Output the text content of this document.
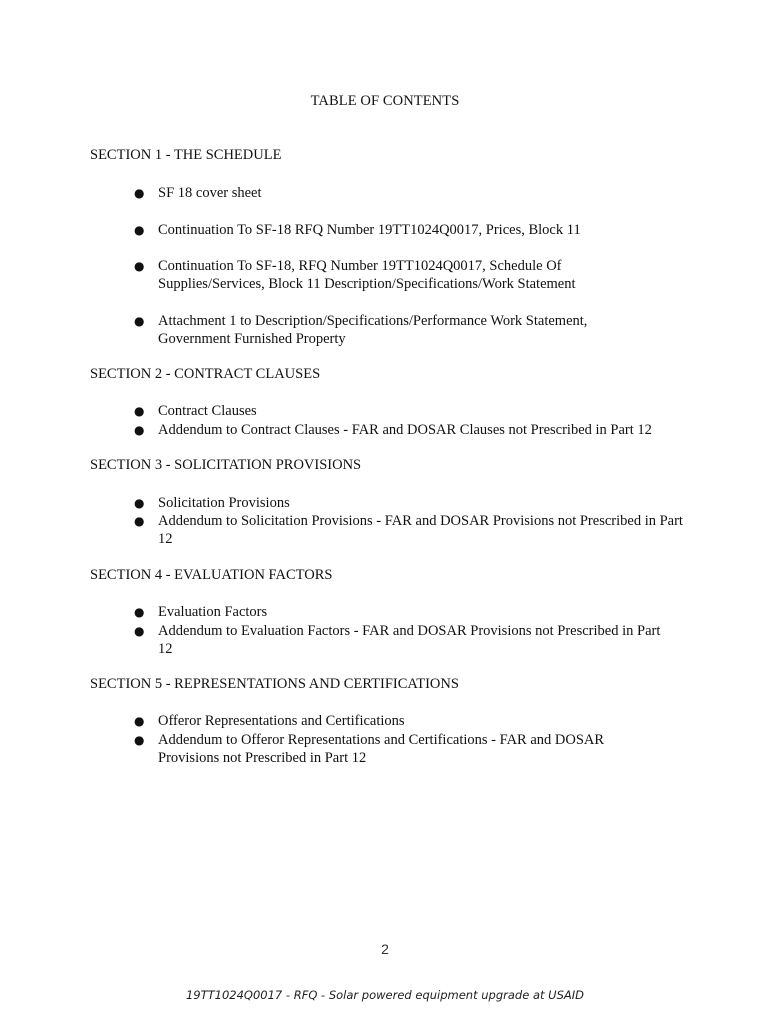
TABLE OF CONTENTS
SECTION 1 - THE SCHEDULE
● SF 18 cover sheet
● Continuation To SF-18 RFQ Number 19TT1024Q0017, Prices, Block 11
● Continuation To SF-18, RFQ Number 19TT1024Q0017, Schedule Of Supplies/Services, Block 11 Description/Specifications/Work Statement
● Attachment 1 to Description/Specifications/Performance Work Statement, Government Furnished Property
SECTION 2 - CONTRACT CLAUSES
● Contract Clauses
● Addendum to Contract Clauses - FAR and DOSAR Clauses not Prescribed in Part 12
SECTION 3 - SOLICITATION PROVISIONS
● Solicitation Provisions
● Addendum to Solicitation Provisions - FAR and DOSAR Provisions not Prescribed in Part 12
SECTION 4 - EVALUATION FACTORS
● Evaluation Factors
● Addendum to Evaluation Factors - FAR and DOSAR Provisions not Prescribed in Part 12
SECTION 5 - REPRESENTATIONS AND CERTIFICATIONS
● Offeror Representations and Certifications
● Addendum to Offeror Representations and Certifications - FAR and DOSAR Provisions not Prescribed in Part 12
2
19TT1024Q0017 - RFQ - Solar powered equipment upgrade at USAID
